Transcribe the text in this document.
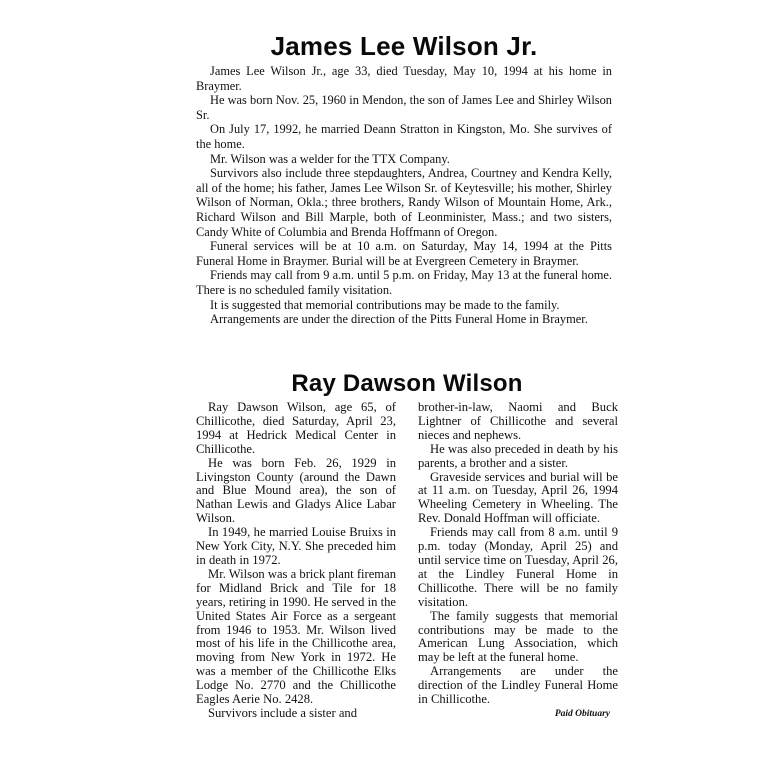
James Lee Wilson Jr.

James Lee Wilson Jr., age 33, died Tuesday, May 10, 1994 at his home in Braymer.

He was born Nov. 25, 1960 in Mendon, the son of James Lee and Shirley Wilson Sr.

On July 17, 1992, he married Deann Stratton in Kingston, Mo. She survives of the home.

Mr. Wilson was a welder for the TTX Company.

Survivors also include three stepdaughters, Andrea, Courtney and Kendra Kelly, all of the home; his father, James Lee Wilson Sr. of Keytesville; his mother, Shirley Wilson of Norman, Okla.; three brothers, Randy Wilson of Mountain Home, Ark., Richard Wilson and Bill Marple, both of Leonminister, Mass.; and two sisters, Candy White of Columbia and Brenda Hoffmann of Oregon.

Funeral services will be at 10 a.m. on Saturday, May 14, 1994 at the Pitts Funeral Home in Braymer. Burial will be at Evergreen Cemetery in Braymer.

Friends may call from 9 a.m. until 5 p.m. on Friday, May 13 at the funeral home. There is no scheduled family visitation.

It is suggested that memorial contributions may be made to the family.

Arrangements are under the direction of the Pitts Funeral Home in Braymer.

Ray Dawson Wilson

Ray Dawson Wilson, age 65, of Chillicothe, died Saturday, April 23, 1994 at Hedrick Medical Center in Chillicothe.

He was born Feb. 26, 1929 in Livingston County (around the Dawn and Blue Mound area), the son of Nathan Lewis and Gladys Alice Labar Wilson.

In 1949, he married Louise Bruixs in New York City, N.Y. She preceded him in death in 1972.

Mr. Wilson was a brick plant fireman for Midland Brick and Tile for 18 years, retiring in 1990. He served in the United States Air Force as a sergeant from 1946 to 1953. Mr. Wilson lived most of his life in the Chillicothe area, moving from New York in 1972. He was a member of the Chillicothe Elks Lodge No. 2770 and the Chillicothe Eagles Aerie No. 2428.

Survivors include a sister and

brother-in-law, Naomi and Buck Lightner of Chillicothe and several nieces and nephews.

He was also preceded in death by his parents, a brother and a sister.

Graveside services and burial will be at 11 a.m. on Tuesday, April 26, 1994 Wheeling Cemetery in Wheeling. The Rev. Donald Hoffman will officiate.

Friends may call from 8 a.m. until 9 p.m. today (Monday, April 25) and until service time on Tuesday, April 26, at the Lindley Funeral Home in Chillicothe. There will be no family visitation.

The family suggests that memorial contributions may be made to the American Lung Association, which may be left at the funeral home.

Arrangements are under the direction of the Lindley Funeral Home in Chillicothe.

Paid Obituary
